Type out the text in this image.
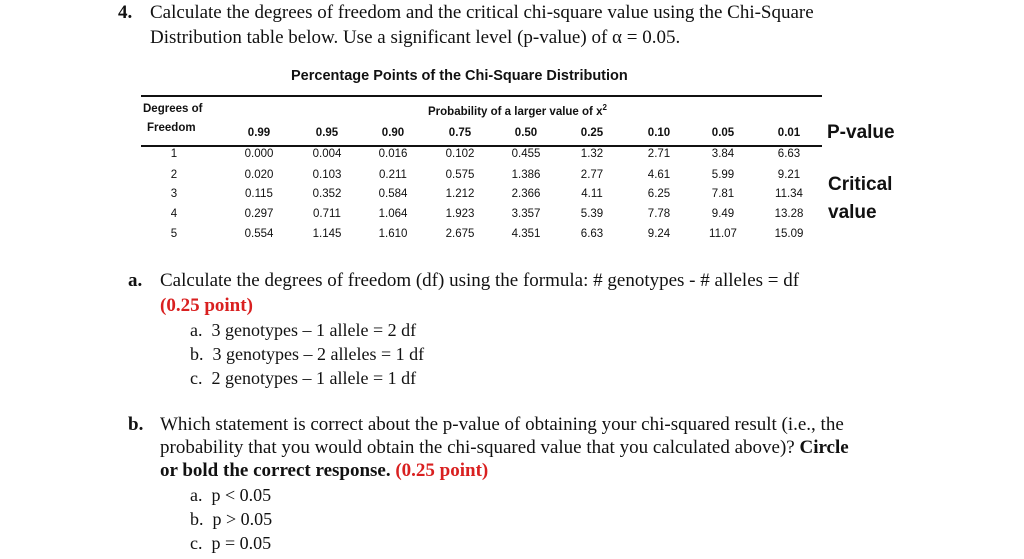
4. Calculate the degrees of freedom and the critical chi-square value using the Chi-Square
Distribution table below. Use a significant level (p-value) of α = 0.05.
Percentage Points of the Chi-Square Distribution
Degrees of
Freedom
Probability of a larger value of $x^2$
0.99	0.95	0.90	0.75	0.50	0.25	0.10	0.05	0.01
1	0.000	0.004	0.016	0.102	0.455	1.32	2.71	3.84	6.63
2	0.020	0.103	0.211	0.575	1.386	2.77	4.61	5.99	9.21
3	0.115	0.352	0.584	1.212	2.366	4.11	6.25	7.81	11.34
4	0.297	0.711	1.064	1.923	3.357	5.39	7.78	9.49	13.28
5	0.554	1.145	1.610	2.675	4.351	6.63	9.24	11.07	15.09
P-value
Critical
value
a. Calculate the degrees of freedom (df) using the formula: # genotypes - # alleles = df
(0.25 point)
a. 3 genotypes – 1 allele = 2 df
b. 3 genotypes – 2 alleles = 1 df
c. 2 genotypes – 1 allele = 1 df
b. Which statement is correct about the p-value of obtaining your chi-squared result (i.e., the
probability that you would obtain the chi-squared value that you calculated above)? Circle
or bold the correct response. (0.25 point)
a. p < 0.05
b. p > 0.05
c. p = 0.05
